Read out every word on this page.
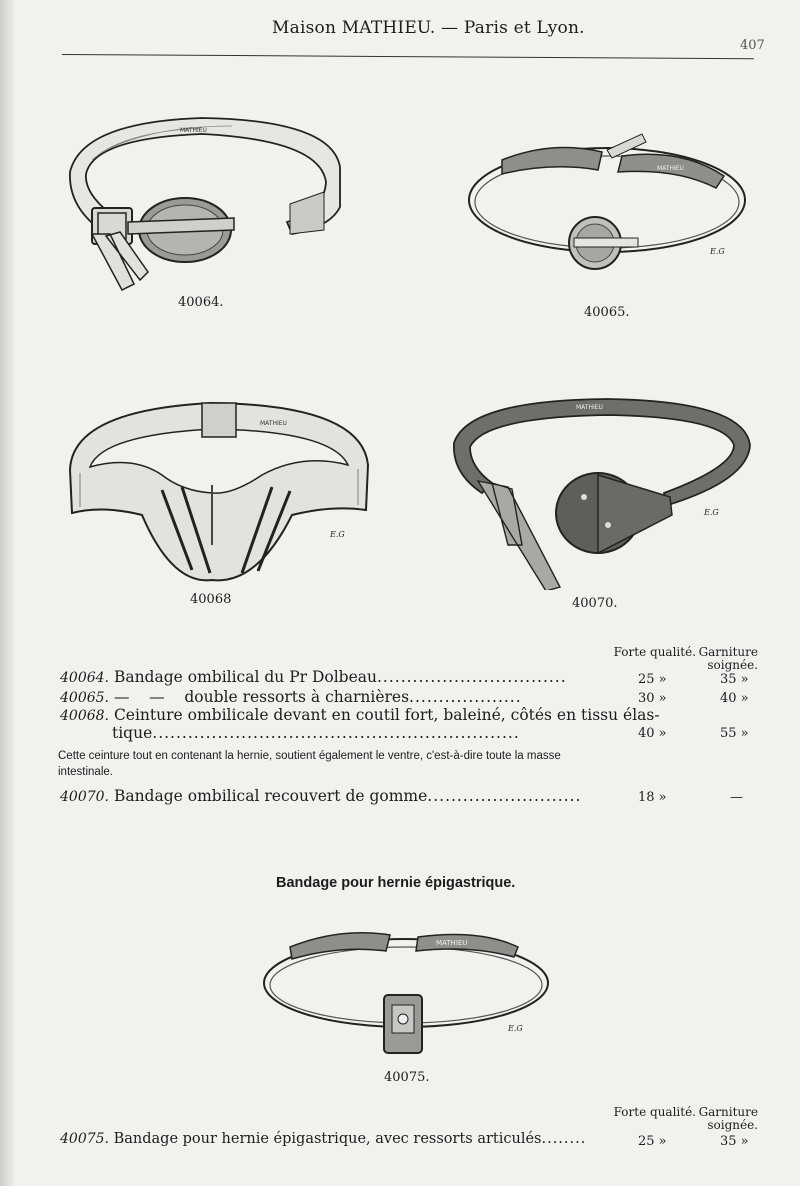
Maison MATHIEU. — Paris et Lyon.
407
MATHIEU
40064.
MATHIEU
E.G
40065.
MATHIEU
E.G
40068
MATHIEU
E.G
40070.
Forte qualité. Garniture
soignée.
40064. Bandage ombilical du Pr Dolbeau................................	25 »	35 »
40065. —    —    double ressorts à charnières...................	30 »	40 »
40068. Ceinture ombilicale devant en coutil fort, baleiné, côtés en tissu élas-
tique..............................................................	40 »	55 »
Cette ceinture tout en contenant la hernie, soutient également le ventre, c'est-à-dire toute la masse intestinale.
40070. Bandage ombilical recouvert de gomme..........................	18 »	—
Bandage pour hernie épigastrique.
MATHIEU
E.G
40075.
Forte qualité. Garniture
soignée.
40075. Bandage pour hernie épigastrique, avec ressorts articulés........	25 »	35 »
